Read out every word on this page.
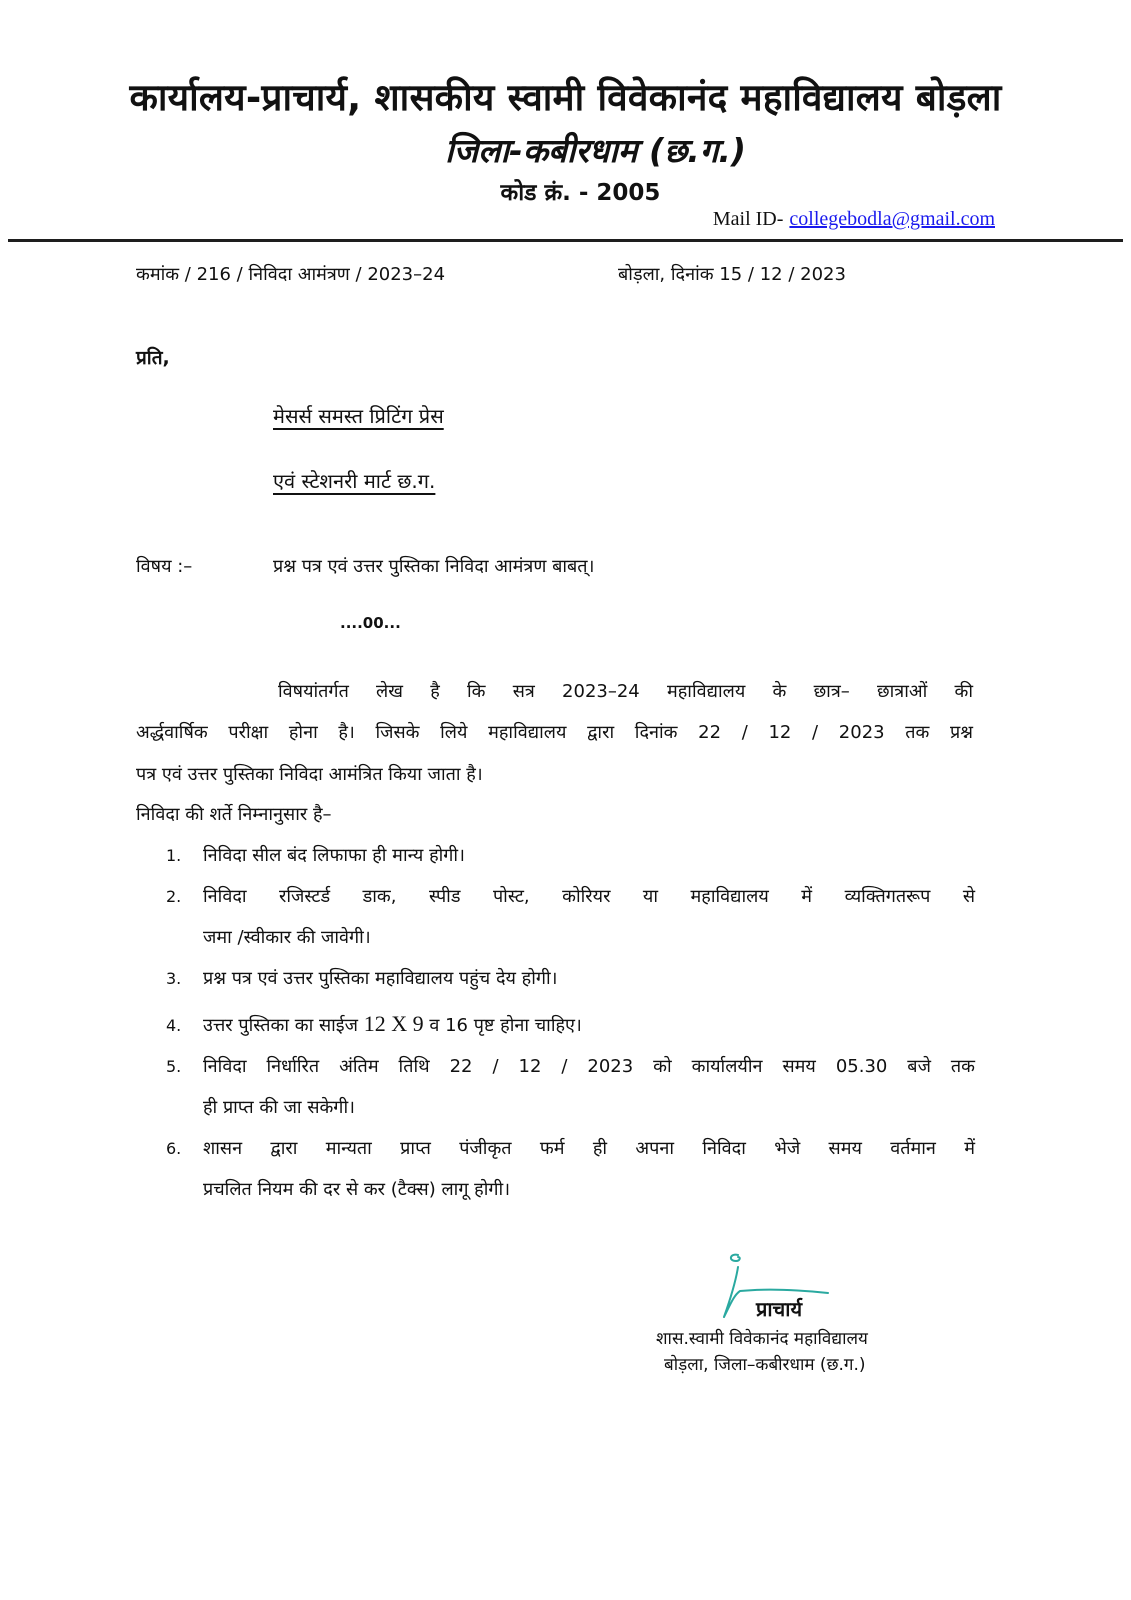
कार्यालय-प्राचार्य, शासकीय स्वामी विवेकानंद महाविद्यालय बोड़ला
जिला-कबीरधाम (छ.ग.)
कोड क्रं. - 2005
Mail ID- collegebodla@gmail.com
कमांक / 216 / निविदा आमंत्रण / 2023–24	बोड़ला, दिनांक 15 / 12 / 2023
प्रति,
मेसर्स समस्त प्रिटिंग प्रेस
एवं स्टेशनरी मार्ट छ.ग.
विषय :–	प्रश्न पत्र एवं उत्तर पुस्तिका निविदा आमंत्रण बाबत्।
....00...
विषयांतर्गत लेख है कि सत्र 2023–24 महाविद्यालय के छात्र– छात्राओं की
अर्द्धवार्षिक परीक्षा होना है। जिसके लिये महाविद्यालय द्वारा दिनांक 22 / 12 / 2023 तक प्रश्न
पत्र एवं उत्तर पुस्तिका निविदा आमंत्रित किया जाता है।
निविदा की शर्ते निम्नानुसार है–
1. निविदा सील बंद लिफाफा ही मान्य होगी।
2. निविदा रजिस्टर्ड डाक, स्पीड पोस्ट, कोरियर या महाविद्यालय में व्यक्तिगतरूप से
जमा /स्वीकार की जावेगी।
3. प्रश्न पत्र एवं उत्तर पुस्तिका महाविद्यालय पहुंच देय होगी।
4. उत्तर पुस्तिका का साईज 12 X 9 व 16 पृष्ट होना चाहिए।
5. निविदा निर्धारित अंतिम तिथि 22 / 12 / 2023 को कार्यालयीन समय 05.30 बजे तक
ही प्राप्त की जा सकेगी।
6. शासन द्वारा मान्यता प्राप्त पंजीकृत फर्म ही अपना निविदा भेजे समय वर्तमान में
प्रचलित नियम की दर से कर (टैक्स) लागू होगी।
प्राचार्य
शास.स्वामी विवेकानंद महाविद्यालय
बोड़ला, जिला–कबीरधाम (छ.ग.)
